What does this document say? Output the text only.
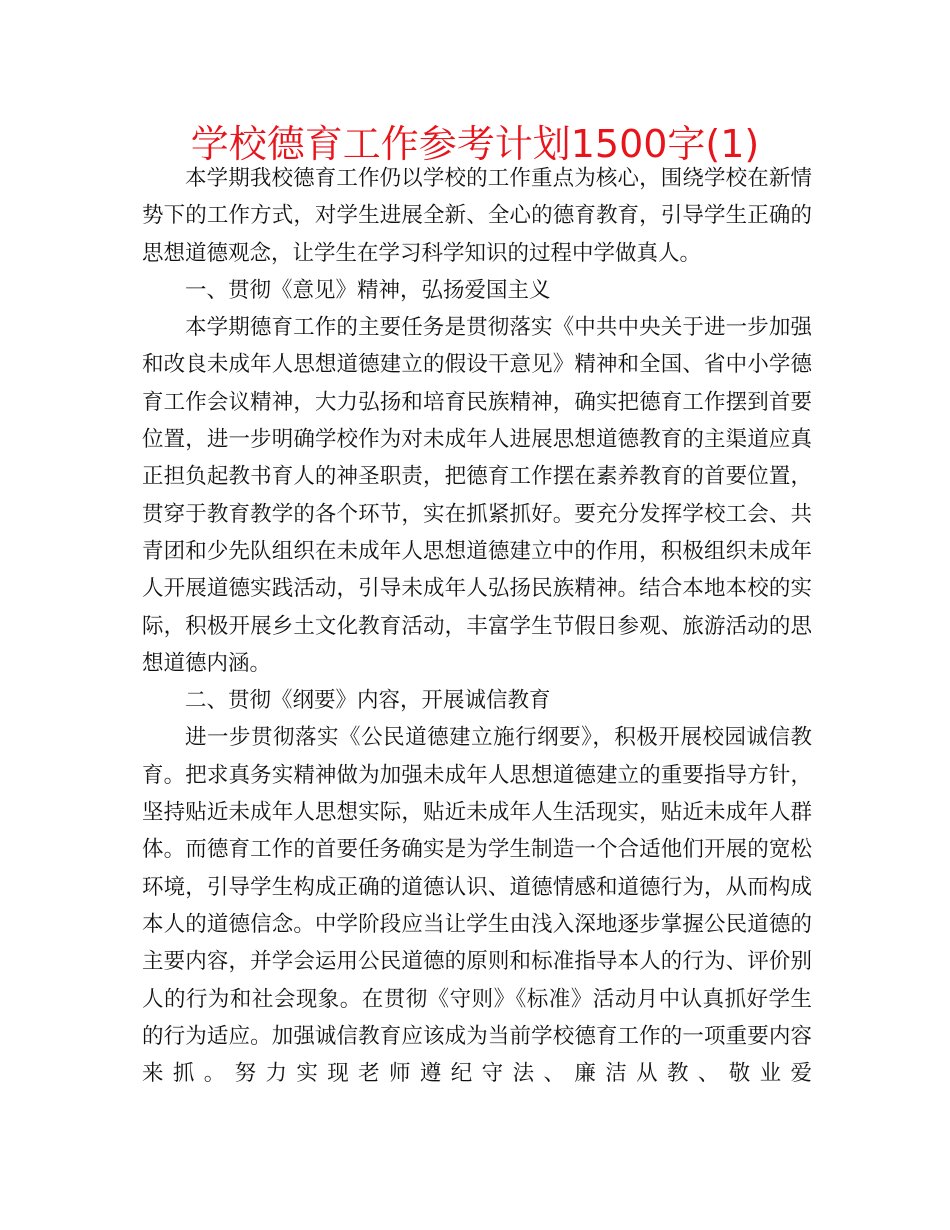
学校德育工作参考计划1500字(1)

本学期我校德育工作仍以学校的工作重点为核心，围绕学校在新情势下的工作方式，对学生进展全新、全心的德育教育，引导学生正确的思想道德观念，让学生在学习科学知识的过程中学做真人。

一、贯彻《意见》精神，弘扬爱国主义

本学期德育工作的主要任务是贯彻落实《中共中央关于进一步加强和改良未成年人思想道德建立的假设干意见》精神和全国、省中小学德育工作会议精神，大力弘扬和培育民族精神，确实把德育工作摆到首要位置，进一步明确学校作为对未成年人进展思想道德教育的主渠道应真正担负起教书育人的神圣职责，把德育工作摆在素养教育的首要位置，贯穿于教育教学的各个环节，实在抓紧抓好。要充分发挥学校工会、共青团和少先队组织在未成年人思想道德建立中的作用，积极组织未成年人开展道德实践活动，引导未成年人弘扬民族精神。结合本地本校的实际，积极开展乡土文化教育活动，丰富学生节假日参观、旅游活动的思想道德内涵。

二、贯彻《纲要》内容，开展诚信教育

进一步贯彻落实《公民道德建立施行纲要》，积极开展校园诚信教育。把求真务实精神做为加强未成年人思想道德建立的重要指导方针，坚持贴近未成年人思想实际，贴近未成年人生活现实，贴近未成年人群体。而德育工作的首要任务确实是为学生制造一个合适他们开展的宽松环境，引导学生构成正确的道德认识、道德情感和道德行为，从而构成本人的道德信念。中学阶段应当让学生由浅入深地逐步掌握公民道德的主要内容，并学会运用公民道德的原则和标准指导本人的行为、评价别人的行为和社会现象。在贯彻《守则》《标准》活动月中认真抓好学生的行为适应。加强诚信教育应该成为当前学校德育工作的一项重要内容来抓。努力实现老师遵纪守法、廉洁从教、敬业爱
